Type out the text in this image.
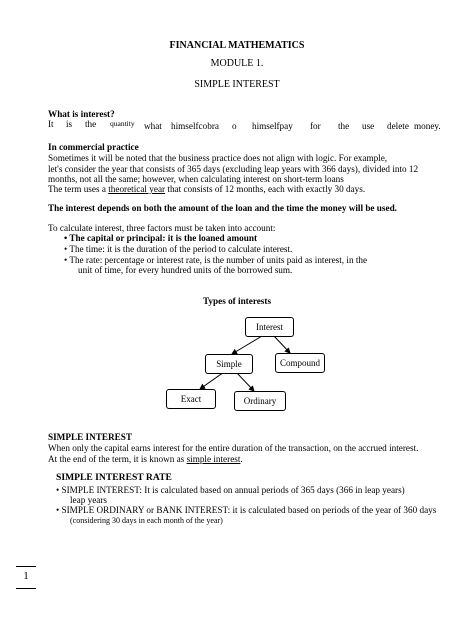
FINANCIAL MATHEMATICS
MODULE 1.
SIMPLE INTEREST
What is interest?
It is the quantity what himselfcobra o himselfpay for the use delete money.
In commercial practice
Sometimes it will be noted that the business practice does not align with logic. For example,
let's consider the year that consists of 365 days (excluding leap years with 366 days), divided into 12
months, not all the same; however, when calculating interest on short-term loans
The term uses a theoretical year that consists of 12 months, each with exactly 30 days.
The interest depends on both the amount of the loan and the time the money will be used.
To calculate interest, three factors must be taken into account:
• The capital or principal: it is the loaned amount
• The time: it is the duration of the period to calculate interest.
• The rate: percentage or interest rate, is the number of units paid as interest, in the
unit of time, for every hundred units of the borrowed sum.
Types of interests
Interest
Simple	Compound
Exact	Ordinary
SIMPLE INTEREST
When only the capital earns interest for the entire duration of the transaction, on the accrued interest.
At the end of the term, it is known as simple interest.
SIMPLE INTEREST RATE
• SIMPLE INTEREST: It is calculated based on annual periods of 365 days (366 in leap years)
leap years
• SIMPLE ORDINARY or BANK INTEREST: it is calculated based on periods of the year of 360 days
(considering 30 days in each month of the year)
1
